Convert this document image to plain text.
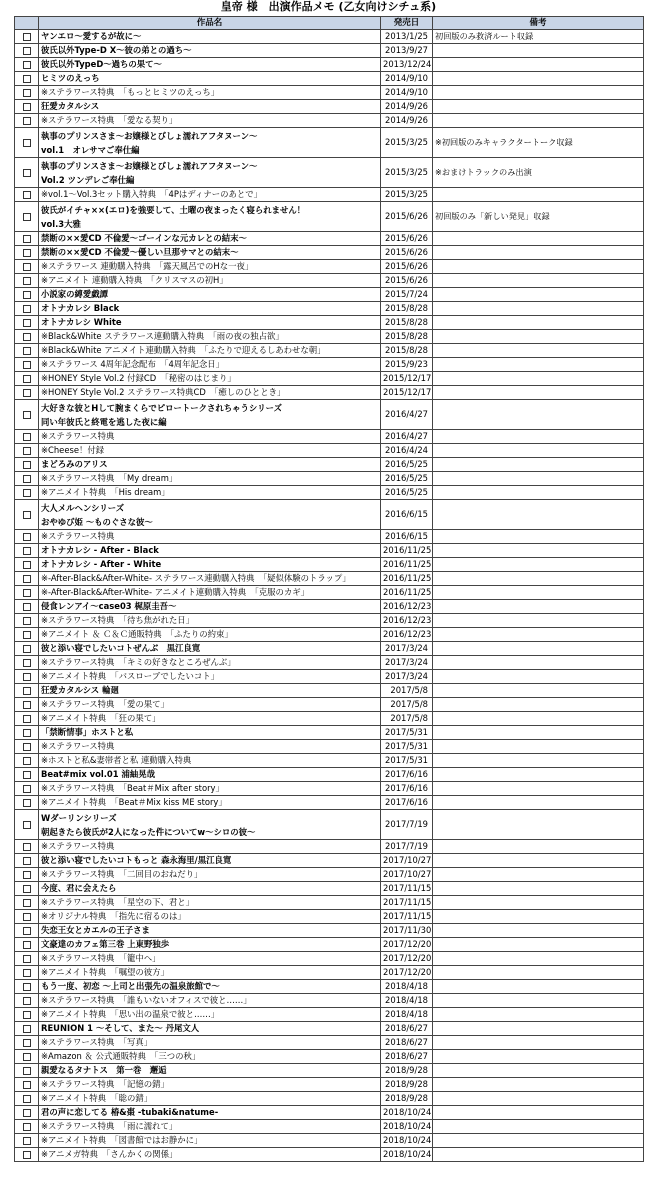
皇帝 様　出演作品メモ (乙女向けシチュ系)
	作品名	発売日	備考
	ヤンエロ～愛するが故に～	2013/1/25	初回版のみ救済ルート収録
	彼氏以外Type-D X～彼の弟との過ち～	2013/9/27	
	彼氏以外TypeD～過ちの果て～	2013/12/24	
	ヒミツのえっち	2014/9/10	
	※ステラワース特典　「もっとヒミツのえっち」	2014/9/10	
	狂愛カタルシス	2014/9/26	
	※ステラワース特典　「愛なる契り」	2014/9/26	
	執事のプリンスさま～お嬢様とびしょ濡れアフタヌーン～
vol.1　オレサマご奉仕編	2015/3/25	※初回版のみキャラクタートーク収録
	執事のプリンスさま～お嬢様とびしょ濡れアフタヌーン～
Vol.2 ツンデレご奉仕編	2015/3/25	※おまけトラックのみ出演
	※vol.1～Vol.3セット購入特典　「4Pはディナーのあとで」	2015/3/25	
	彼氏がイチャ××(エロ)を強要して、土曜の夜まったく寝られません！
vol.3大雅	2015/6/26	初回版のみ「新しい発見」収録
	禁断の××愛CD 不倫愛～ゴーインな元カレとの結末～	2015/6/26	
	禁断の××愛CD 不倫愛～優しい旦那サマとの結末～	2015/6/26	
	※ステラワース 連動購入特典　「露天風呂でのHな一夜」	2015/6/26	
	※アニメイト 連動購入特典　「クリスマスの初H」	2015/6/26	
	小説家の縛愛戯譚	2015/7/24	
	オトナカレシ Black	2015/8/28	
	オトナカレシ White	2015/8/28	
	※Black&White ステラワース連動購入特典　「雨の夜の独占欲」	2015/8/28	
	※Black&White アニメイト連動購入特典　「ふたりで迎えるしあわせな朝」	2015/8/28	
	※ステラワース 4周年記念配布　「4周年記念日」	2015/9/23	
	※HONEY Style Vol.2 付録CD　「秘密のはじまり」	2015/12/17	
	※HONEY Style Vol.2 ステラワース特典CD　「癒しのひととき」	2015/12/17	
	大好きな彼とHして腕まくらでピロートークされちゃうシリーズ
同い年彼氏と終電を逃した夜に編	2016/4/27	
	※ステラワース特典	2016/4/27	
	※Cheese！付録	2016/4/24	
	まどろみのアリス	2016/5/25	
	※ステラワース特典　「My dream」	2016/5/25	
	※アニメイト特典　「His dream」	2016/5/25	
	大人メルヘンシリーズ
おやゆび姫 ～ものぐさな彼～	2016/6/15	
	※ステラワース特典	2016/6/15	
	オトナカレシ - After - Black	2016/11/25	
	オトナカレシ - After - White	2016/11/25	
	※-After-Black&After-White- ステラワース連動購入特典　「疑似体験のトラップ」	2016/11/25	
	※-After-Black&After-White- アニメイト連動購入特典　「克服のカギ」	2016/11/25	
	侵食レンアイ～case03 梶原圭吾～	2016/12/23	
	※ステラワース特典　「待ち焦がれた日」	2016/12/23	
	※アニメイト ＆ Ｃ＆Ｃ通販特典　「ふたりの約束」	2016/12/23	
	彼と添い寝でしたいコトぜんぶ　黒江良寛	2017/3/24	
	※ステラワース特典　「キミの好きなところぜんぶ」	2017/3/24	
	※アニメイト特典　「バスローブでしたいコト」	2017/3/24	
	狂愛カタルシス 輪廻	2017/5/8	
	※ステラワース特典　「愛の果て」	2017/5/8	
	※アニメイト特典　「狂の果て」	2017/5/8	
	「禁断情事」ホストと私	2017/5/31	
	※ステラワース特典	2017/5/31	
	※ホストと私&妻帯者と私 連動購入特典	2017/5/31	
	Beat#mix vol.01 浦紬晃哉	2017/6/16	
	※ステラワース特典　「Beat＃Mix after story」	2017/6/16	
	※アニメイト特典　「Beat＃Mix kiss ME story」	2017/6/16	
	Wダーリンシリーズ
朝起きたら彼氏が2人になった件についてw～シロの彼～	2017/7/19	
	※ステラワース特典	2017/7/19	
	彼と添い寝でしたいコトもっと 森永海里/黒江良寛	2017/10/27	
	※ステラワース特典　「二回目のおねだり」	2017/10/27	
	今度、君に会えたら	2017/11/15	
	※ステラワース特典　「星空の下、君と」	2017/11/15	
	※オリジナル特典　「指先に宿るのは」	2017/11/15	
	失恋王女とカエルの王子さま	2017/11/30	
	文豪達のカフェ第三巻 上東野独歩	2017/12/20	
	※ステラワース特典　「籠中へ」	2017/12/20	
	※アニメイト特典　「嘱望の彼方」	2017/12/20	
	もう一度、初恋 ～上司と出張先の温泉旅館で～	2018/4/18	
	※ステラワース特典　「誰もいないオフィスで彼と……」	2018/4/18	
	※アニメイト特典　「思い出の温泉で彼と……」	2018/4/18	
	REUNION 1 ～そして、また～ 丹尾文人	2018/6/27	
	※ステラワース特典　「写真」	2018/6/27	
	※Amazon ＆ 公式通販特典　「三つの秋」	2018/6/27	
	親愛なるタナトス　第一巻　邂逅	2018/9/28	
	※ステラワース特典　「記憶の錆」	2018/9/28	
	※アニメイト特典　「聡の錆」	2018/9/28	
	君の声に恋してる 椿&棗 -tubaki&natume-	2018/10/24	
	※ステラワース特典　「雨に濡れて」	2018/10/24	
	※アニメイト特典　「図書館ではお静かに」	2018/10/24	
	※アニメガ特典　「さんかくの関係」	2018/10/24	
